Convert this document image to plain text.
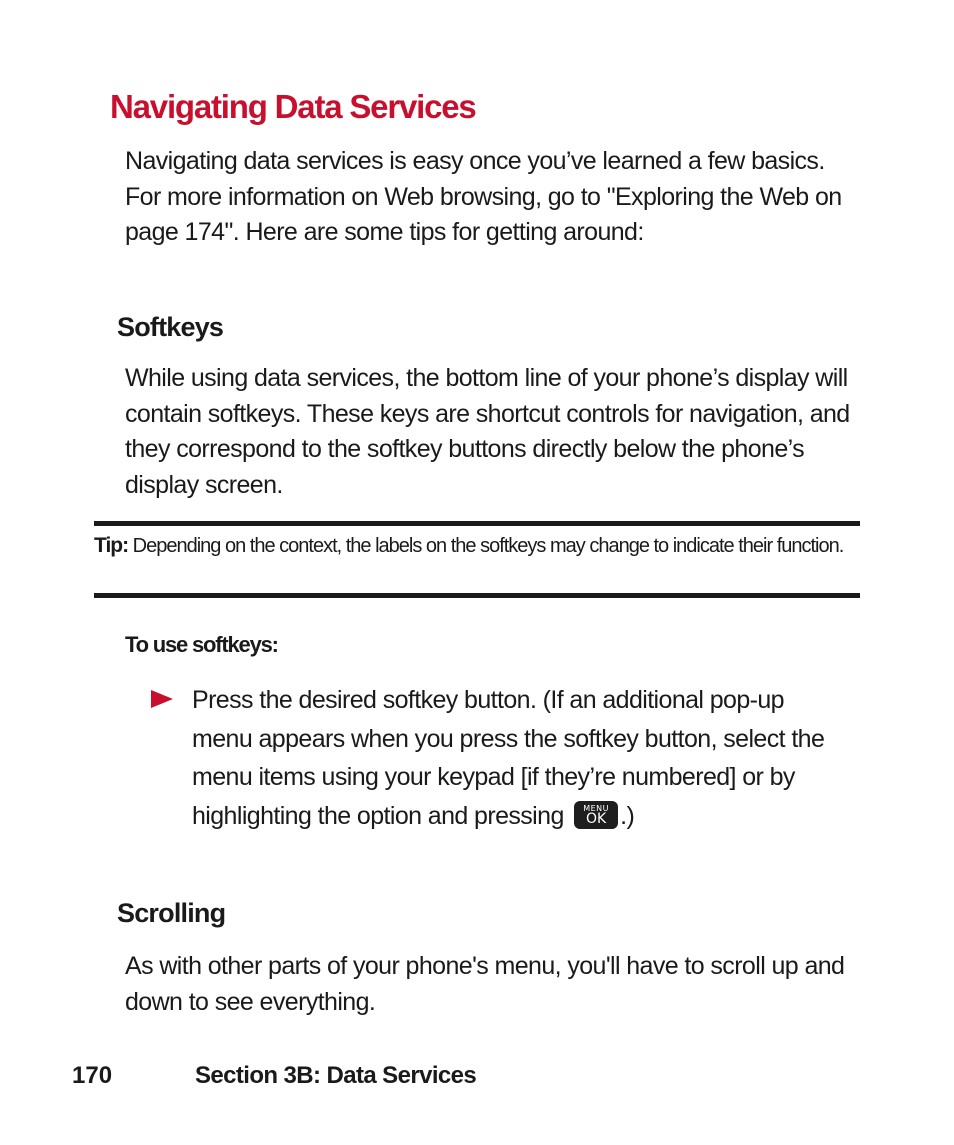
Navigating Data Services

Navigating data services is easy once you’ve learned a few basics. For more information on Web browsing, go to "Exploring the Web on page 174". Here are some tips for getting around:

Softkeys

While using data services, the bottom line of your phone’s display will contain softkeys. These keys are shortcut controls for navigation, and they correspond to the softkey buttons directly below the phone’s display screen.

Tip: Depending on the context, the labels on the softkeys may change to indicate their function.

To use softkeys:

Press the desired softkey button. (If an additional pop-up menu appears when you press the softkey button, select the menu items using your keypad [if they’re numbered] or by highlighting the option and pressing	MENU
OK .)

Scrolling

As with other parts of your phone's menu, you'll have to scroll up and down to see everything.

170	Section 3B: Data Services
